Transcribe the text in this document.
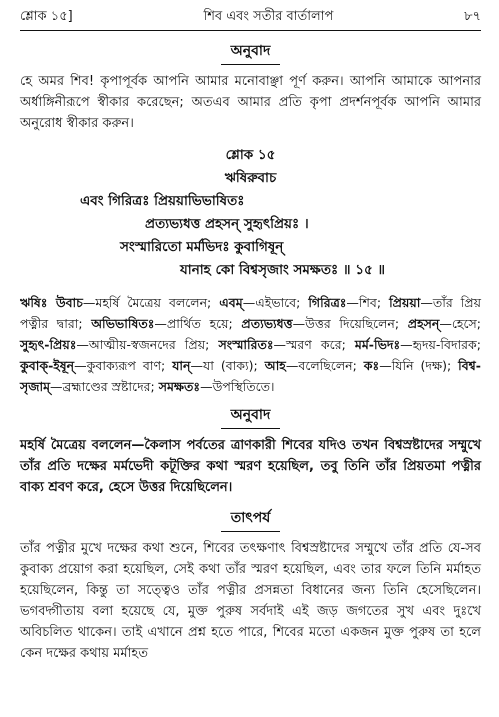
শ্লোক ১৫]	শিব এবং সতীর বার্তালাপ	৮৭
অনুবাদ

হে অমর শিব! কৃপাপূর্বক আপনি আমার মনোবাঞ্ছা পূর্ণ করুন। আপনি আমাকে আপনার অর্ধাঙ্গিনীরূপে স্বীকার করেছেন; অতএব আমার প্রতি কৃপা প্রদর্শনপূর্বক আপনি আমার অনুরোধ স্বীকার করুন।

শ্লোক ১৫
ঋষিরুবাচ
এবং গিরিত্রঃ প্রিয়য়াভিভাষিতঃ
প্রত্যভ্যধত্ত প্রহসন্ সুহৃৎপ্রিয়ঃ ।
সংস্মারিতো মর্মভিদঃ কুবাগিষূন্
যানাহ কো বিশ্বসৃজাং সমক্ষতঃ ॥ ১৫ ॥

ঋষিঃ উবাচ—মহর্ষি মৈত্রেয় বললেন; এবম্—এইভাবে; গিরিত্রঃ—শিব; প্রিয়য়া—তাঁর প্রিয় পত্নীর দ্বারা; অভিভাষিতঃ—প্রার্থিত হয়ে; প্রত্যভ্যধত্ত—উত্তর দিয়েছিলেন; প্রহসন্—হেসে; সুহৃৎ-প্রিয়ঃ—আত্মীয়-স্বজনদের প্রিয়; সংস্মারিতঃ—স্মরণ করে; মর্ম-ভিদঃ—হৃদয়-বিদারক; কুবাক্-ইষূন্—কুবাক্যরূপ বাণ; যান্—যা (বাক্য); আহ—বলেছিলেন; কঃ—যিনি (দক্ষ); বিশ্ব-সৃজাম্—ব্রহ্মাণ্ডের স্রষ্টাদের; সমক্ষতঃ—উপস্থিতিতে।

অনুবাদ

মহর্ষি মৈত্রেয় বললেন—কৈলাস পর্বতের ত্রাণকারী শিবের যদিও তখন বিশ্বস্রষ্টাদের সম্মুখে তাঁর প্রতি দক্ষের মর্মভেদী কটূক্তির কথা স্মরণ হয়েছিল, তবু তিনি তাঁর প্রিয়তমা পত্নীর বাক্য শ্রবণ করে, হেসে উত্তর দিয়েছিলেন।

তাৎপর্য

তাঁর পত্নীর মুখে দক্ষের কথা শুনে, শিবের তৎক্ষণাৎ বিশ্বস্রষ্টাদের সম্মুখে তাঁর প্রতি যে-সব কুবাক্য প্রয়োগ করা হয়েছিল, সেই কথা তাঁর স্মরণ হয়েছিল, এবং তার ফলে তিনি মর্মাহত হয়েছিলেন, কিন্তু তা সত্ত্বেও তাঁর পত্নীর প্রসন্নতা বিধানের জন্য তিনি হেসেছিলেন। ভগবদ্গীতায় বলা হয়েছে যে, মুক্ত পুরুষ সর্বদাই এই জড় জগতের সুখ এবং দুঃখে অবিচলিত থাকেন। তাই এখানে প্রশ্ন হতে পারে, শিবের মতো একজন মুক্ত পুরুষ তা হলে কেন দক্ষের কথায় মর্মাহত
